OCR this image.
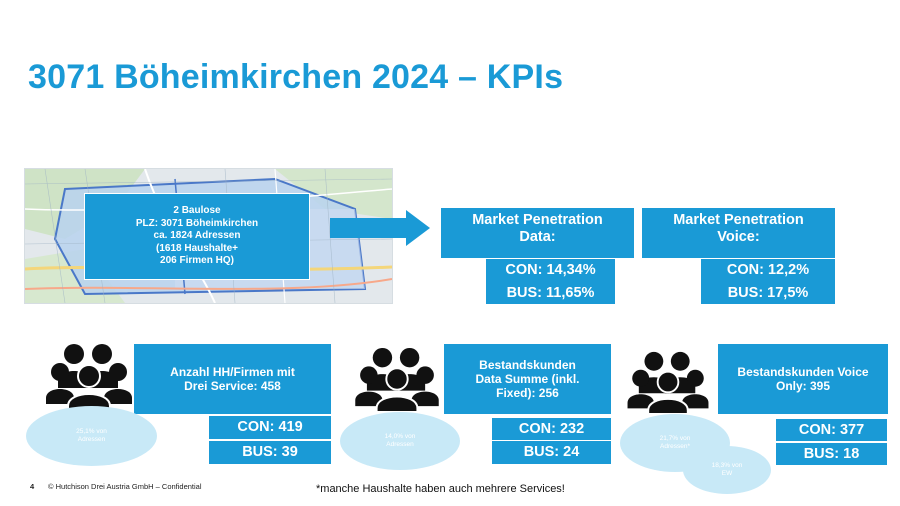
3071 Böheimkirchen 2024 – KPIs
2 Baulose
PLZ: 3071 Böheimkirchen
ca. 1824 Adressen
(1618 Haushalte+
206 Firmen HQ)
Market Penetration
Data:
CON: 14,34%
BUS: 11,65%
Market Penetration
Voice:
CON: 12,2%
BUS: 17,5%
Anzahl HH/Firmen mit
Drei Service: 458
CON: 419
BUS: 39
25,1% von
Adressen
Bestandskunden
Data Summe (inkl.
Fixed): 256
CON: 232
BUS: 24
14,0% von
Adressen
Bestandskunden Voice
Only: 395
CON: 377
BUS: 18
21,7% von
Adressen*
18,3% von
EW
4 © Hutchison Drei Austria GmbH – Confidential	*manche Haushalte haben auch mehrere Services!
